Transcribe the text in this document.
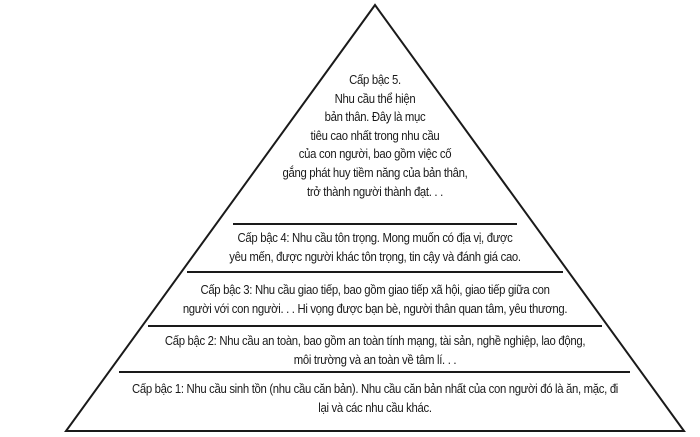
Cấp bậc 5.
Nhu cầu thể hiện
bản thân. Đây là mục
tiêu cao nhất trong nhu cầu
của con người, bao gồm việc cố
gắng phát huy tiềm năng của bản thân,
trở thành người thành đạt. . .
Cấp bậc 4: Nhu cầu tôn trọng. Mong muốn có địa vị, được
yêu mến, được người khác tôn trọng, tin cậy và đánh giá cao.
Cấp bậc 3: Nhu cầu giao tiếp, bao gồm giao tiếp xã hội, giao tiếp giữa con
người với con người. . . Hi vọng được bạn bè, người thân quan tâm, yêu thương.
Cấp bậc 2: Nhu cầu an toàn, bao gồm an toàn tính mạng, tài sản, nghề nghiệp, lao động,
môi trường và an toàn về tâm lí. . .
Cấp bậc 1: Nhu cầu sinh tồn (nhu cầu căn bản). Nhu cầu căn bản nhất của con người đó là ăn, mặc, đi
lại và các nhu cầu khác.
